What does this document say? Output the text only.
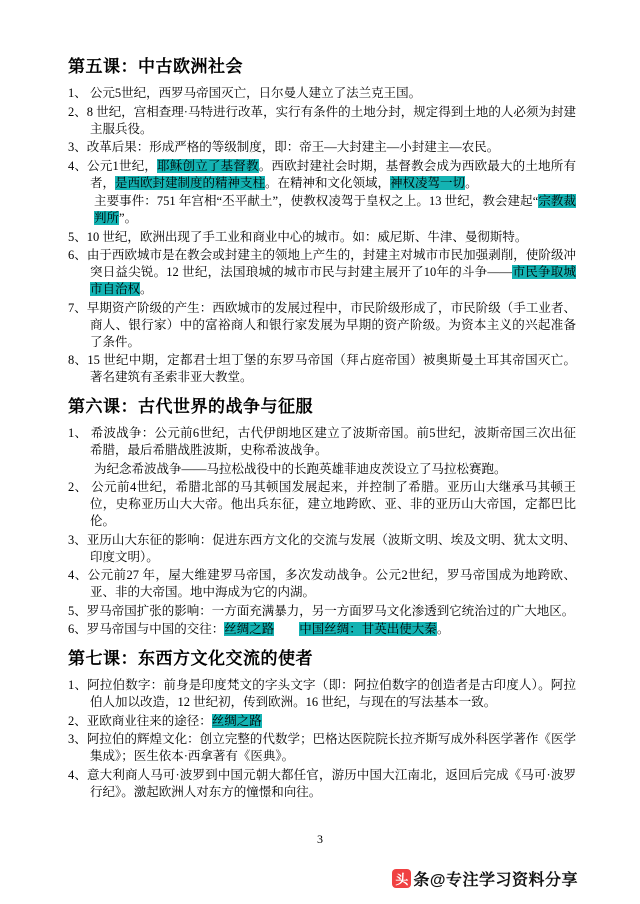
第五课：中古欧洲社会
1、 公元5世纪，西罗马帝国灭亡，日尔曼人建立了法兰克王国。
2、8 世纪，宫相查理·马特进行改革，实行有条件的土地分封，规定得到土地的人必须为封建主服兵役。
3、改革后果：形成严格的等级制度，即：帝王—大封建主—小封建主—农民。
4、公元1世纪，耶稣创立了基督教。西欧封建社会时期，基督教会成为西欧最大的土地所有者，是西欧封建制度的精神支柱。在精神和文化领域，神权凌驾一切。
主要事件：751 年宫相“丕平献土”，使教权凌驾于皇权之上。13 世纪，教会建起“宗教裁判所”。
5、10 世纪，欧洲出现了手工业和商业中心的城市。如：威尼斯、牛津、曼彻斯特。
6、由于西欧城市是在教会或封建主的领地上产生的，封建主对城市市民加强剥削，使阶级冲突日益尖锐。12 世纪，法国琅城的城市市民与封建主展开了10年的斗争——市民争取城市自治权。
7、早期资产阶级的产生：西欧城市的发展过程中，市民阶级形成了，市民阶级（手工业者、商人、银行家）中的富裕商人和银行家发展为早期的资产阶级。为资本主义的兴起准备了条件。
8、15 世纪中期，定都君士坦丁堡的东罗马帝国（拜占庭帝国）被奥斯曼土耳其帝国灭亡。著名建筑有圣索非亚大教堂。
第六课：古代世界的战争与征服
1、 希波战争：公元前6世纪，古代伊朗地区建立了波斯帝国。前5世纪，波斯帝国三次出征希腊，最后希腊战胜波斯，史称希波战争。
为纪念希波战争——马拉松战役中的长跑英雄菲迪皮茨设立了马拉松赛跑。
2、 公元前4世纪，希腊北部的马其顿国发展起来，并控制了希腊。亚历山大继承马其顿王位，史称亚历山大大帝。他出兵东征，建立地跨欧、亚、非的亚历山大帝国，定都巴比伦。
3、亚历山大东征的影响：促进东西方文化的交流与发展（波斯文明、埃及文明、犹太文明、印度文明）。
4、公元前27 年，屋大维建罗马帝国，多次发动战争。公元2世纪，罗马帝国成为地跨欧、亚、非的大帝国。地中海成为它的内湖。
5、罗马帝国扩张的影响：一方面充满暴力，另一方面罗马文化渗透到它统治过的广大地区。
6、罗马帝国与中国的交往：丝绸之路　　 中国丝绸：甘英出使大秦。
第七课：东西方文化交流的使者
1、阿拉伯数字：前身是印度梵文的字头文字（即：阿拉伯数字的创造者是古印度人）。阿拉伯人加以改造，12 世纪初，传到欧洲。16 世纪，与现在的写法基本一致。
2、亚欧商业往来的途径：丝绸之路
3、阿拉伯的辉煌文化：创立完整的代数学；巴格达医院院长拉齐斯写成外科医学著作《医学集成》；医生依本·西拿著有《医典》。
4、意大利商人马可·波罗到中国元朝大都任官，游历中国大江南北，返回后完成《马可·波罗行纪》。激起欧洲人对东方的憧憬和向往。
3
头 条@专注学习资料分享
